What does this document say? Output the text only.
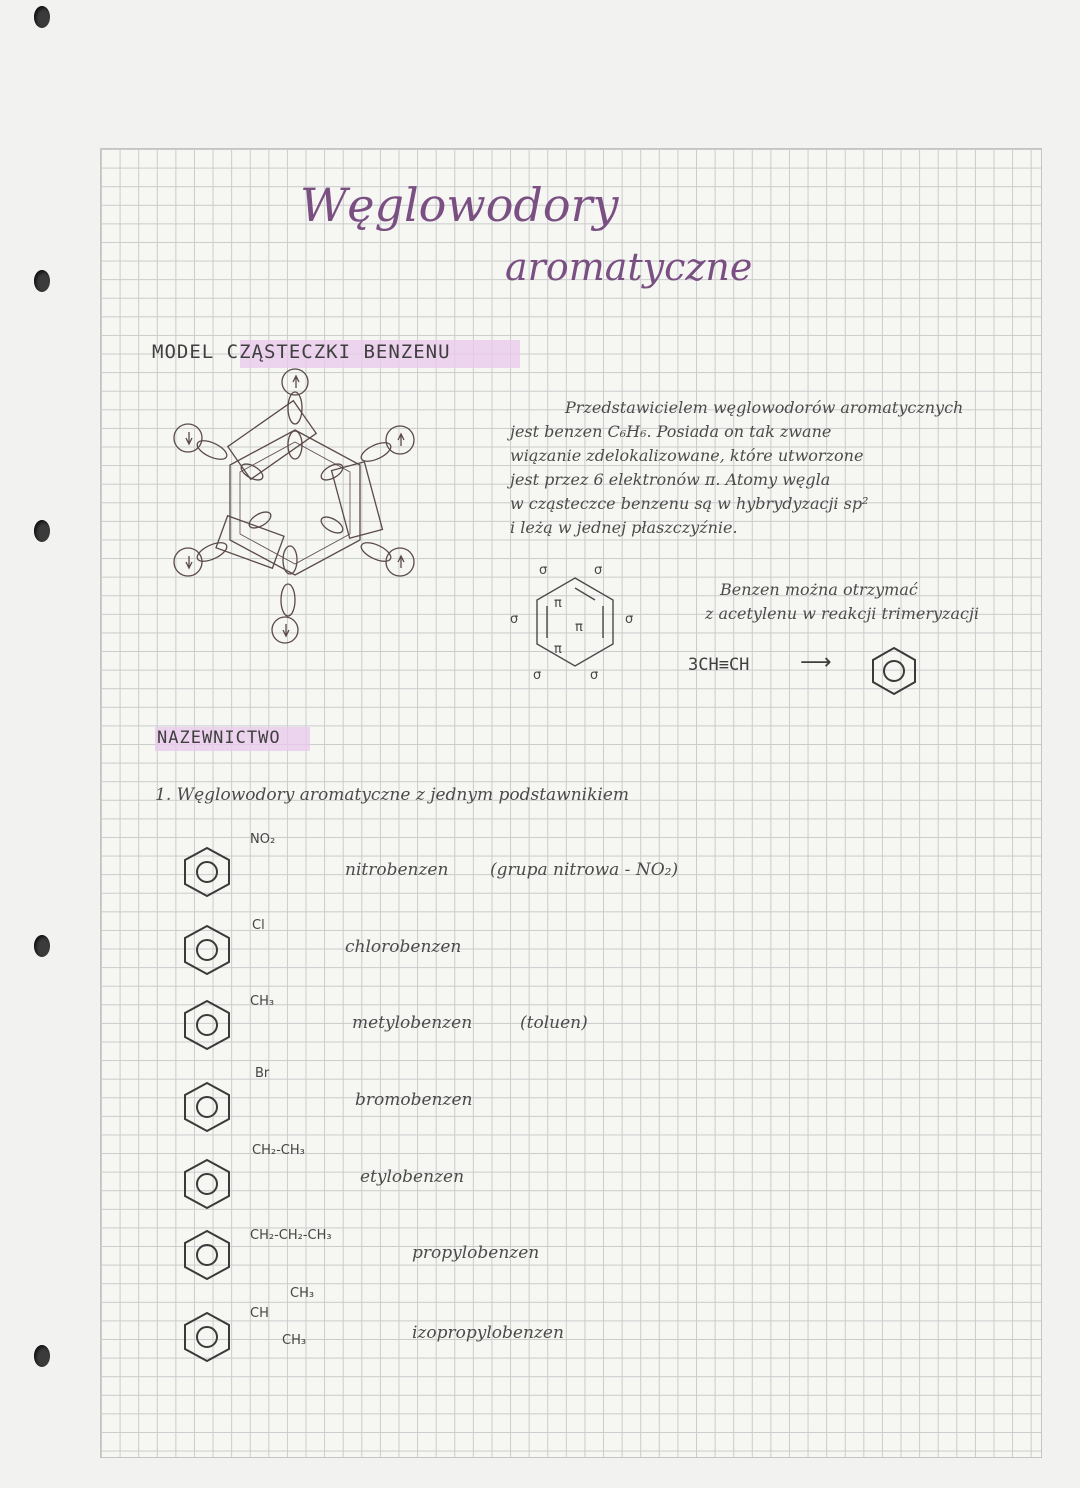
Węglowodory
aromatyczne
MODEL CZĄSTECZKI BENZENU
Przedstawicielem węglowodorów aromatycznych
jest benzen C₆H₆. Posiada on tak zwane
wiązanie zdelokalizowane, które utworzone
jest przez 6 elektronów π. Atomy węgla
w cząsteczce benzenu są w hybrydyzacji sp²
i leżą w jednej płaszczyźnie.
σ	σ
σ	σ
σ	σ
π
π
π
Benzen można otrzymać
z acetylenu w reakcji trimeryzacji
3CH≡CH ⟶
NAZEWNICTWO
1. Węglowodory aromatyczne z jednym podstawnikiem
NO₂
nitrobenzen (grupa nitrowa - NO₂)
Cl
chlorobenzen
CH₃
metylobenzen	(toluen)
Br
bromobenzen
CH₂-CH₃
etylobenzen
CH₂-CH₂-CH₃
propylobenzen
CH
CH₃
CH₃	izopropylobenzen
